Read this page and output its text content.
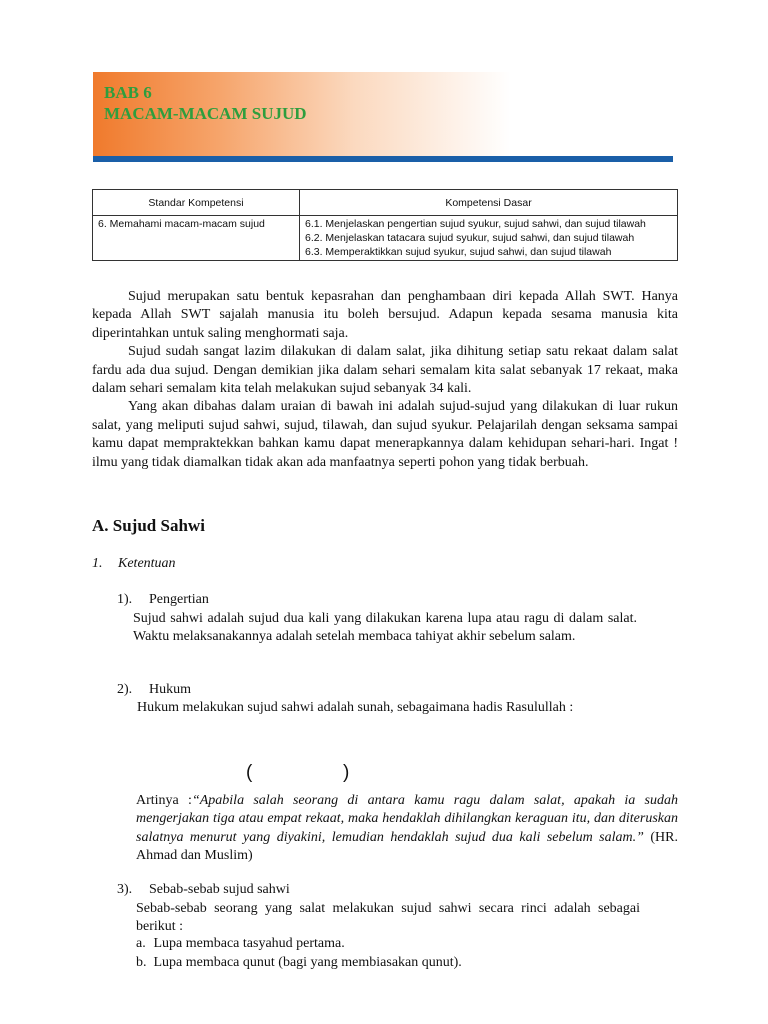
BAB 6
MACAM-MACAM SUJUD
Standar Kompetensi	Kompetensi Dasar
6. Memahami macam-macam sujud	6.1. Menjelaskan pengertian sujud syukur, sujud sahwi, dan sujud tilawah
6.2. Menjelaskan tatacara sujud syukur, sujud sahwi, dan sujud tilawah
6.3. Memperaktikkan sujud syukur, sujud sahwi, dan sujud tilawah

Sujud merupakan satu bentuk kepasrahan dan penghambaan diri kepada Allah SWT. Hanya kepada Allah SWT sajalah manusia itu boleh bersujud. Adapun kepada sesama manusia kita diperintahkan untuk saling menghormati saja.

Sujud sudah sangat lazim dilakukan di dalam salat, jika dihitung setiap satu rekaat dalam salat fardu ada dua sujud. Dengan demikian jika dalam sehari semalam kita salat sebanyak 17 rekaat, maka dalam sehari semalam kita telah melakukan sujud sebanyak 34 kali.

Yang akan dibahas dalam uraian di bawah ini adalah sujud-sujud yang dilakukan di luar rukun salat, yang meliputi sujud sahwi, sujud, tilawah, dan sujud syukur. Pelajarilah dengan seksama sampai kamu dapat mempraktekkan bahkan kamu dapat menerapkannya dalam kehidupan sehari-hari. Ingat ! ilmu yang tidak diamalkan tidak akan ada manfaatnya seperti pohon yang tidak berbuah.

A. Sujud Sahwi

1. Ketentuan

1). Pengertian

Sujud sahwi adalah sujud dua kali yang dilakukan karena lupa atau ragu di dalam salat. Waktu melaksanakannya adalah setelah membaca tahiyat akhir sebelum salam.

2). Hukum

Hukum melakukan sujud sahwi adalah sunah, sebagaimana hadis Rasulullah :

(	)

Artinya :“Apabila salah seorang di antara kamu ragu dalam salat, apakah ia sudah mengerjakan tiga atau empat rekaat, maka hendaklah dihilangkan keraguan itu, dan diteruskan salatnya menurut yang diyakini, lemudian hendaklah sujud dua kali sebelum salam.” (HR. Ahmad dan Muslim)

3). Sebab-sebab sujud sahwi

Sebab-sebab seorang yang salat melakukan sujud sahwi secara rinci adalah sebagai berikut :

a. Lupa membaca tasyahud pertama.

b. Lupa membaca qunut (bagi yang membiasakan qunut).
